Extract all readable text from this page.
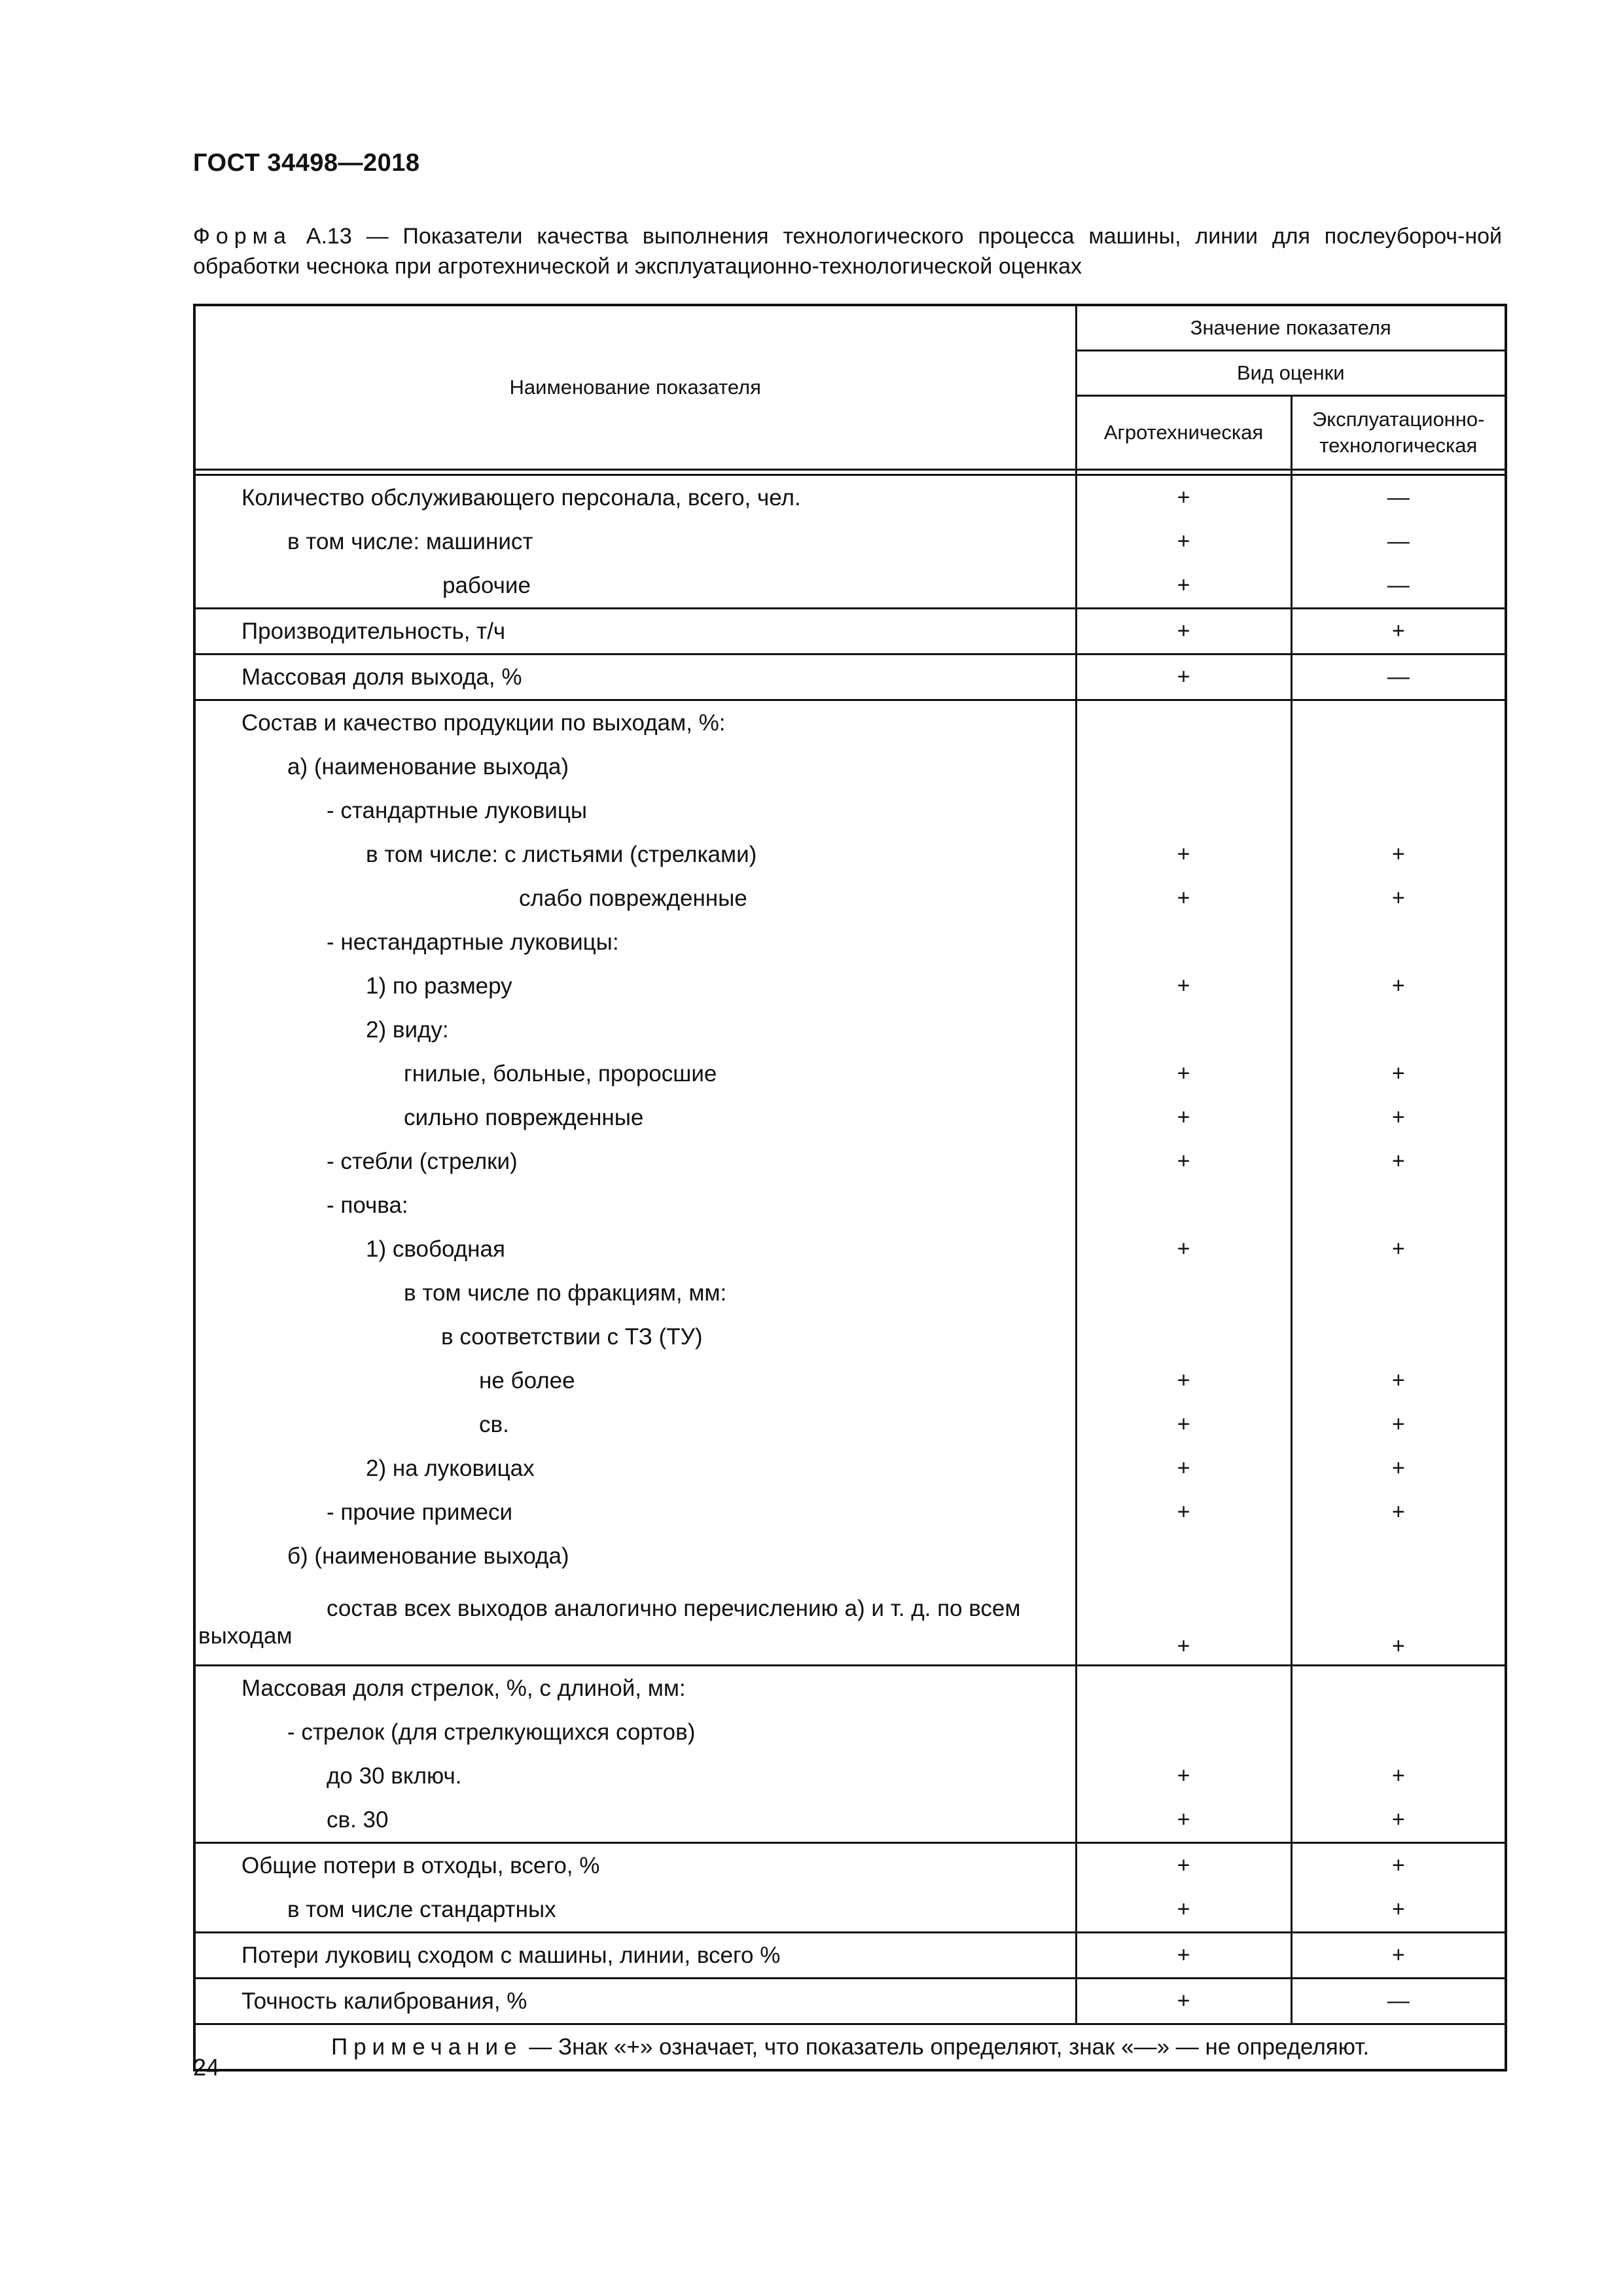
ГОСТ 34498—2018
Форма А.13 — Показатели качества выполнения технологического процесса машины, линии для послеубороч-ной обработки чеснока при агротехнической и эксплуатационно-технологической оценках
Наименование показателя	Значение показателя	
	Вид оценки	
	Агротехническая	Эксплуатационно-технологическая

Количество обслуживающего персонала, всего, чел.	+	—
в том числе: машинист	+	—
рабочие	+	—
Производительность, т/ч	+	+
Массовая доля выхода, %	+	—
Состав и качество продукции по выходам, %:		
а) (наименование выхода)		
- стандартные луковицы		
в том числе: с листьями (стрелками)	+	+
слабо поврежденные	+	+
- нестандартные луковицы:		
1) по размеру	+	+
2) виду:		
гнилые, больные, проросшие	+	+
сильно поврежденные	+	+
- стебли (стрелки)	+	+
- почва:		
1) свободная	+	+
в том числе по фракциям, мм:		
в соответствии с ТЗ (ТУ)		
не более	+	+
св.	+	+
2) на луковицах	+	+
- прочие примеси	+	+
б) (наименование выхода)		

состав всех выходов аналогично перечислению а) и т. д. по всем
выходам	+	+
Массовая доля стрелок, %, с длиной, мм:		
- стрелок (для стрелкующихся сортов)		
до 30 включ.	+	+
св. 30	+	+
Общие потери в отходы, всего, %	+	+
в том числе стандартных	+	+
Потери луковиц сходом с машины, линии, всего %	+	+
Точность калибрования, %	+	—
Примечание — Знак «+» означает, что показатель определяют, знак «—» — не определяют.		
24
